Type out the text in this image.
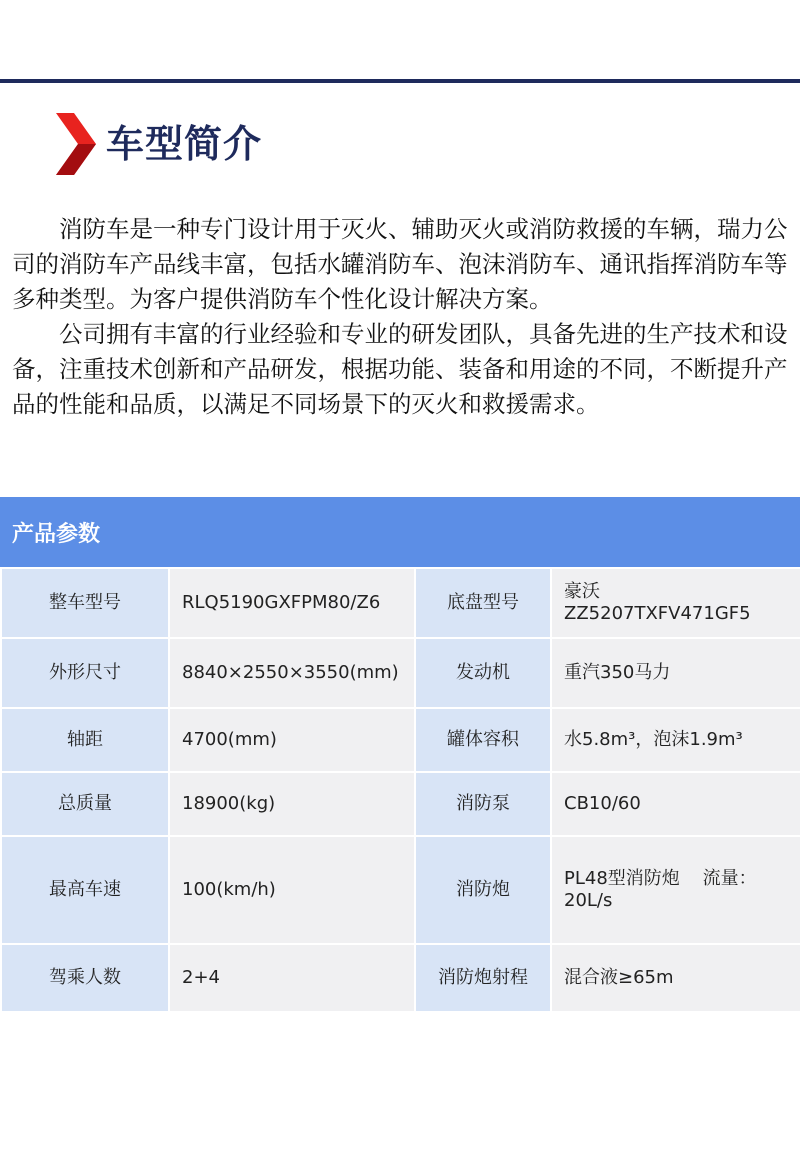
车型简介

消防车是一种专门设计用于灭火、辅助灭火或消防救援的车辆，瑞力公司的消防车产品线丰富，包括水罐消防车、泡沫消防车、通讯指挥消防车等多种类型。为客户提供消防车个性化设计解决方案。

公司拥有丰富的行业经验和专业的研发团队，具备先进的生产技术和设备，注重技术创新和产品研发，根据功能、装备和用途的不同，不断提升产品的性能和品质，以满足不同场景下的灭火和救援需求。

产品参数
整车型号	RLQ5190GXFPM80/Z6	底盘型号	豪沃
ZZ5207TXFV471GF5
外形尺寸	8840×2550×3550(mm)	发动机	重汽350马力
轴距	4700(mm)	罐体容积	水5.8m³，泡沫1.9m³
总质量	18900(kg)	消防泵	CB10/60
最高车速	100(km/h)	消防炮	PL48型消防炮    流量：
20L/s
驾乘人数	2+4	消防炮射程	混合液≥65m
